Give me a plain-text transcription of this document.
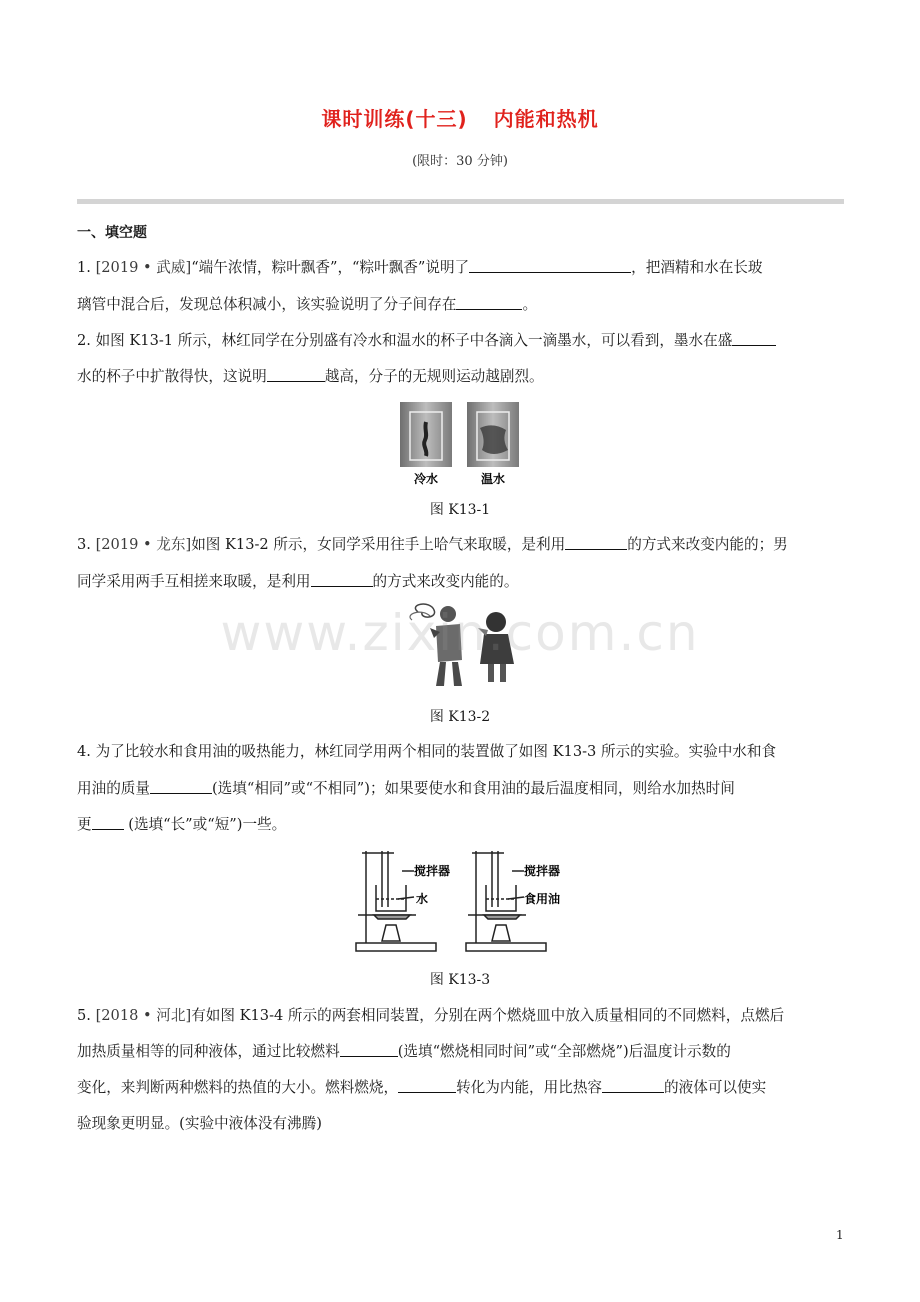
课时训练(十三) 内能和热机
(限时：30 分钟)
一、填空题
1. [2019 • 武威]“端午浓情，粽叶飘香”，“粽叶飘香”说明了	，把酒精和水在长玻
璃管中混合后，发现总体积减小，该实验说明了分子间存在	。
2. 如图 K13-1 所示，林红同学在分别盛有冷水和温水的杯子中各滴入一滴墨水，可以看到，墨水在盛
水的杯子中扩散得快，这说明	越高，分子的无规则运动越剧烈。
冷水	温水
图 K13-1
3. [2019 • 龙东]如图 K13-2 所示，女同学采用往手上哈气来取暖，是利用	的方式来改变内能的；男
同学采用两手互相搓来取暖，是利用	的方式来改变内能的。
图 K13-2
4. 为了比较水和食用油的吸热能力，林红同学用两个相同的装置做了如图 K13-3 所示的实验。实验中水和食
用油的质量	(选填“相同”或“不相同”)；如果要使水和食用油的最后温度相同，则给水加热时间
更	(选填“长”或“短”)一些。
搅拌器
水
搅拌器
食用油
图 K13-3
5. [2018 • 河北]有如图 K13-4 所示的两套相同装置，分别在两个燃烧皿中放入质量相同的不同燃料，点燃后
加热质量相等的同种液体，通过比较燃料	(选填“燃烧相同时间”或“全部燃烧”)后温度计示数的
变化，来判断两种燃料的热值的大小。燃料燃烧，	转化为内能，用比热容	的液体可以使实
验现象更明显。(实验中液体没有沸腾)
www.zixin.com.cn
1
